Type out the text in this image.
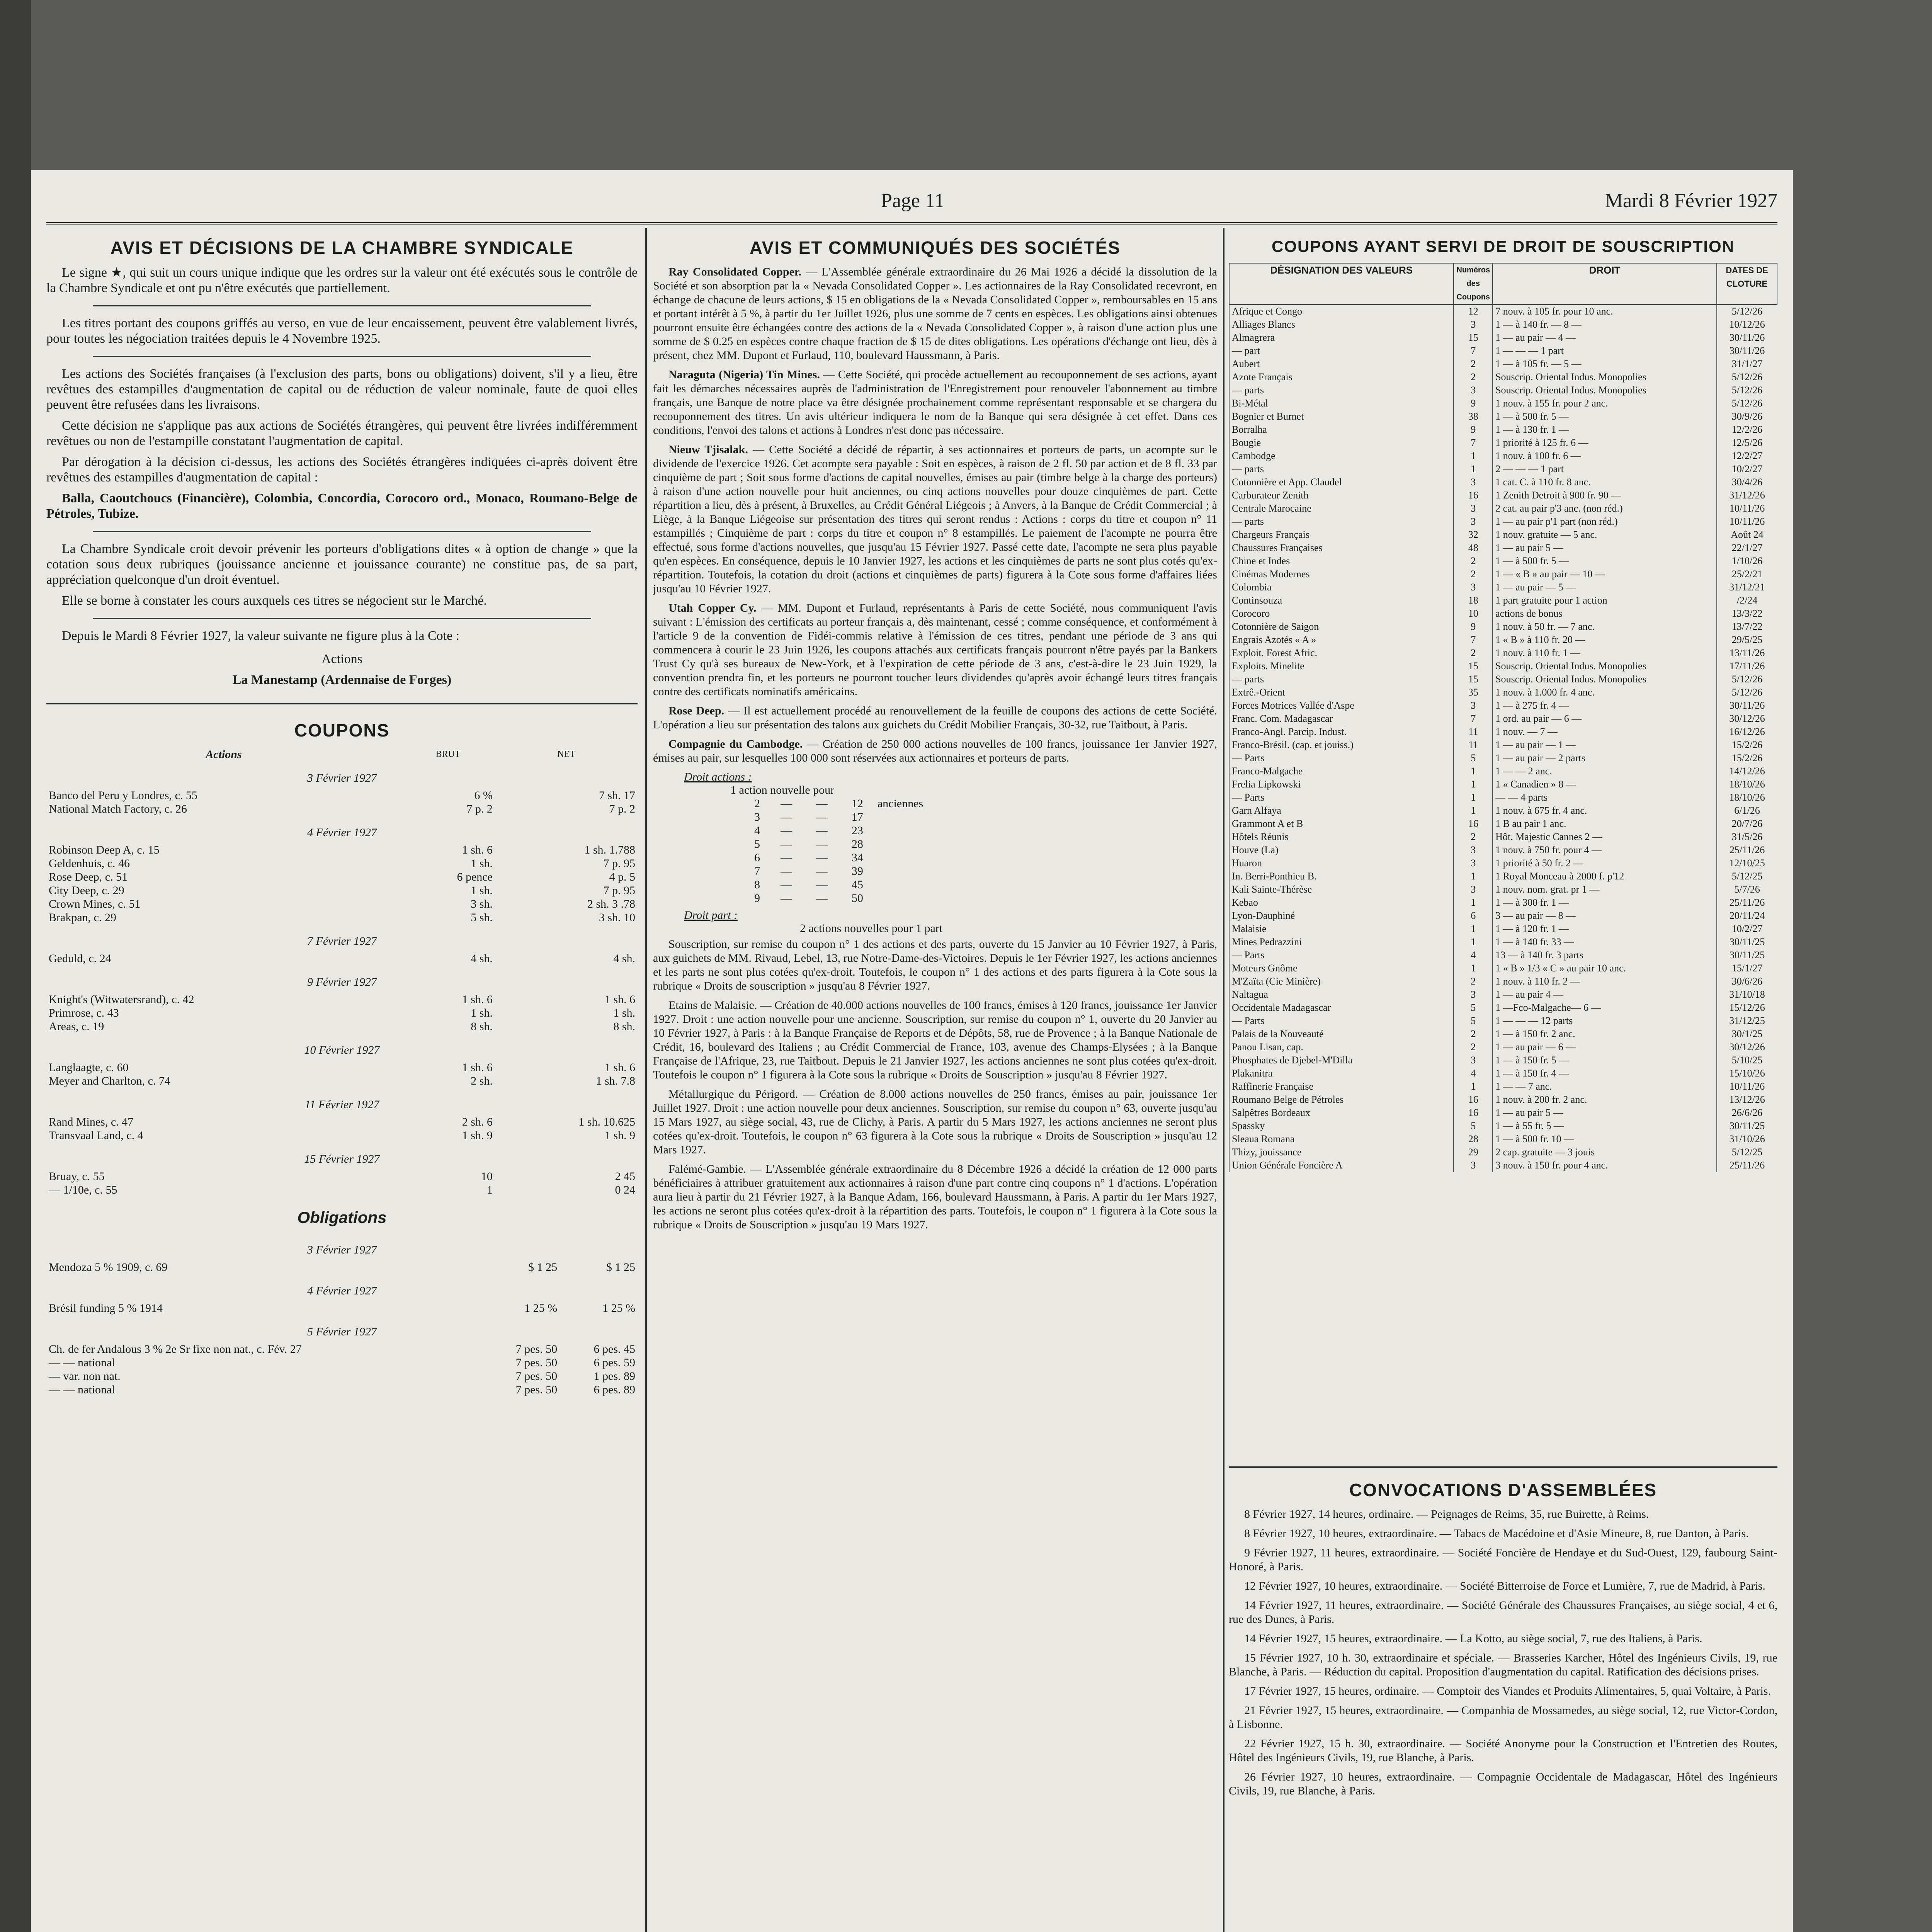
Page 11	Mardi 8 Février 1927
AVIS ET DÉCISIONS DE LA CHAMBRE SYNDICALE

Le signe ★, qui suit un cours unique indique que les ordres sur la valeur ont été exécutés sous le contrôle de la Chambre Syndicale et ont pu n'être exécutés que partiellement.

Les titres portant des coupons griffés au verso, en vue de leur encaissement, peuvent être valablement livrés, pour toutes les négociation traitées depuis le 4 Novembre 1925.

Les actions des Sociétés françaises (à l'exclusion des parts, bons ou obligations) doivent, s'il y a lieu, être revêtues des estampilles d'augmentation de capital ou de réduction de valeur nominale, faute de quoi elles peuvent être refusées dans les livraisons.

Cette décision ne s'applique pas aux actions de Sociétés étrangères, qui peuvent être livrées indifféremment revêtues ou non de l'estampille constatant l'augmentation de capital.

Par dérogation à la décision ci-dessus, les actions des Sociétés étrangères indiquées ci-après doivent être revêtues des estampilles d'augmentation de capital :

Balla, Caoutchoucs (Financière), Colombia, Concordia, Corocoro ord., Monaco, Roumano-Belge de Pétroles, Tubize.

La Chambre Syndicale croit devoir prévenir les porteurs d'obligations dites « à option de change » que la cotation sous deux rubriques (jouissance ancienne et jouissance courante) ne constitue pas, de sa part, appréciation quelconque d'un droit éventuel.

Elle se borne à constater les cours auxquels ces titres se négocient sur le Marché.

Depuis le Mardi 8 Février 1927, la valeur suivante ne figure plus à la Cote :

Actions

La Manestamp (Ardennaise de Forges)

COUPONS
Actions	BRUT	NET
3 Février 1927		
Banco del Peru y Londres, c. 55	6 %	7 sh. 17
National Match Factory, c. 26	7 p. 2	7 p. 2
4 Février 1927		
Robinson Deep A, c. 15	1 sh. 6	1 sh. 1.788
Geldenhuis, c. 46	1 sh.	7 p. 95
Rose Deep, c. 51	6 pence	4 p. 5
City Deep, c. 29	1 sh.	7 p. 95
Crown Mines, c. 51	3 sh.	2 sh. 3 .78
Brakpan, c. 29	5 sh.	3 sh. 10
7 Février 1927		
Geduld, c. 24	4 sh.	4 sh.
9 Février 1927		
Knight's (Witwatersrand), c. 42	1 sh. 6	1 sh. 6
Primrose, c. 43	1 sh.	1 sh.
Areas, c. 19	8 sh.	8 sh.
10 Février 1927		
Langlaagte, c. 60	1 sh. 6	1 sh. 6
Meyer and Charlton, c. 74	2 sh.	1 sh. 7.8
11 Février 1927		
Rand Mines, c. 47	2 sh. 6	1 sh. 10.625
Transvaal Land, c. 4	1 sh. 9	1 sh. 9
15 Février 1927		
Bruay, c. 55	10	2 45
— 1/10e, c. 55	1	0 24
Obligations
3 Février 1927		
Mendoza 5 % 1909, c. 69	$ 1 25	$ 1 25
4 Février 1927		
Brésil funding 5 % 1914	1 25 %	1 25 %
5 Février 1927		
Ch. de fer Andalous 3 % 2e Sr fixe non nat., c. Fév. 27	7 pes. 50	6 pes. 45
— — national	7 pes. 50	6 pes. 59
— var. non nat.	7 pes. 50	1 pes. 89
— — national	7 pes. 50	6 pes. 89
AVIS ET COMMUNIQUÉS DES SOCIÉTÉS

Ray Consolidated Copper. — L'Assemblée générale extraordinaire du 26 Mai 1926 a décidé la dissolution de la Société et son absorption par la « Nevada Consolidated Copper ». Les actionnaires de la Ray Consolidated recevront, en échange de chacune de leurs actions, $ 15 en obligations de la « Nevada Consolidated Copper », remboursables en 15 ans et portant intérêt à 5 %, à partir du 1er Juillet 1926, plus une somme de 7 cents en espèces. Les obligations ainsi obtenues pourront ensuite être échangées contre des actions de la « Nevada Consolidated Copper », à raison d'une action plus une somme de $ 0.25 en espèces contre chaque fraction de $ 15 de dites obligations. Les opérations d'échange ont lieu, dès à présent, chez MM. Dupont et Furlaud, 110, boulevard Haussmann, à Paris.

Naraguta (Nigeria) Tin Mines. — Cette Société, qui procède actuellement au recouponnement de ses actions, ayant fait les démarches nécessaires auprès de l'administration de l'Enregistrement pour renouveler l'abonnement au timbre français, une Banque de notre place va être désignée prochainement comme représentant responsable et se chargera du recouponnement des titres. Un avis ultérieur indiquera le nom de la Banque qui sera désignée à cet effet. Dans ces conditions, l'envoi des talons et actions à Londres n'est donc pas nécessaire.

Nieuw Tjisalak. — Cette Société a décidé de répartir, à ses actionnaires et porteurs de parts, un acompte sur le dividende de l'exercice 1926. Cet acompte sera payable : Soit en espèces, à raison de 2 fl. 50 par action et de 8 fl. 33 par cinquième de part ; Soit sous forme d'actions de capital nouvelles, émises au pair (timbre belge à la charge des porteurs) à raison d'une action nouvelle pour huit anciennes, ou cinq actions nouvelles pour douze cinquièmes de part. Cette répartition a lieu, dès à présent, à Bruxelles, au Crédit Général Liégeois ; à Anvers, à la Banque de Crédit Commercial ; à Liège, à la Banque Liégeoise sur présentation des titres qui seront rendus : Actions : corps du titre et coupon n° 11 estampillés ; Cinquième de part : corps du titre et coupon n° 8 estampillés. Le paiement de l'acompte ne pourra être effectué, sous forme d'actions nouvelles, que jusqu'au 15 Février 1927. Passé cette date, l'acompte ne sera plus payable qu'en espèces. En conséquence, depuis le 10 Janvier 1927, les actions et les cinquièmes de parts ne sont plus cotés qu'ex-répartition. Toutefois, la cotation du droit (actions et cinquièmes de parts) figurera à la Cote sous forme d'affaires liées jusqu'au 10 Février 1927.

Utah Copper Cy. — MM. Dupont et Furlaud, représentants à Paris de cette Société, nous communiquent l'avis suivant : L'émission des certificats au porteur français a, dès maintenant, cessé ; comme conséquence, et conformément à l'article 9 de la convention de Fidéi-commis relative à l'émission de ces titres, pendant une période de 3 ans qui commencera à courir le 23 Juin 1926, les coupons attachés aux certificats français pourront n'être payés par la Bankers Trust Cy qu'à ses bureaux de New-York, et à l'expiration de cette période de 3 ans, c'est-à-dire le 23 Juin 1929, la convention prendra fin, et les porteurs ne pourront toucher leurs dividendes qu'après avoir échangé leurs titres français contre des certificats nominatifs américains.

Rose Deep. — Il est actuellement procédé au renouvellement de la feuille de coupons des actions de cette Société. L'opération a lieu sur présentation des talons aux guichets du Crédit Mobilier Français, 30-32, rue Taitbout, à Paris.

Compagnie du Cambodge. — Création de 250 000 actions nouvelles de 100 francs, jouissance 1er Janvier 1927, émises au pair, sur lesquelles 100 000 sont réservées aux actionnaires et porteurs de parts.

Droit actions :
1 action nouvelle pour
2	—	—	12	anciennes
3	—	—	17	
4	—	—	23	
5	—	—	28	
6	—	—	34	
7	—	—	39	
8	—	—	45	
9	—	—	50	
Droit part :
2 actions nouvelles pour 1 part

Souscription, sur remise du coupon n° 1 des actions et des parts, ouverte du 15 Janvier au 10 Février 1927, à Paris, aux guichets de MM. Rivaud, Lebel, 13, rue Notre-Dame-des-Victoires. Depuis le 1er Février 1927, les actions anciennes et les parts ne sont plus cotées qu'ex-droit. Toutefois, le coupon n° 1 des actions et des parts figurera à la Cote sous la rubrique « Droits de souscription » jusqu'au 8 Février 1927.

Etains de Malaisie. — Création de 40.000 actions nouvelles de 100 francs, émises à 120 francs, jouissance 1er Janvier 1927. Droit : une action nouvelle pour une ancienne. Souscription, sur remise du coupon n° 1, ouverte du 20 Janvier au 10 Février 1927, à Paris : à la Banque Française de Reports et de Dépôts, 58, rue de Provence ; à la Banque Nationale de Crédit, 16, boulevard des Italiens ; au Crédit Commercial de France, 103, avenue des Champs-Elysées ; à la Banque Française de l'Afrique, 23, rue Taitbout. Depuis le 21 Janvier 1927, les actions anciennes ne sont plus cotées qu'ex-droit. Toutefois le coupon n° 1 figurera à la Cote sous la rubrique « Droits de Souscription » jusqu'au 8 Février 1927.

Métallurgique du Périgord. — Création de 8.000 actions nouvelles de 250 francs, émises au pair, jouissance 1er Juillet 1927. Droit : une action nouvelle pour deux anciennes. Souscription, sur remise du coupon n° 63, ouverte jusqu'au 15 Mars 1927, au siège social, 43, rue de Clichy, à Paris. A partir du 5 Mars 1927, les actions anciennes ne seront plus cotées qu'ex-droit. Toutefois, le coupon n° 63 figurera à la Cote sous la rubrique « Droits de Souscription » jusqu'au 12 Mars 1927.

Falémé-Gambie. — L'Assemblée générale extraordinaire du 8 Décembre 1926 a décidé la création de 12 000 parts bénéficiaires à attribuer gratuitement aux actionnaires à raison d'une part contre cinq coupons n° 1 d'actions. L'opération aura lieu à partir du 21 Février 1927, à la Banque Adam, 166, boulevard Haussmann, à Paris. A partir du 1er Mars 1927, les actions ne seront plus cotées qu'ex-droit à la répartition des parts. Toutefois, le coupon n° 1 figurera à la Cote sous la rubrique « Droits de Souscription » jusqu'au 19 Mars 1927.

COUPONS AYANT SERVI DE DROIT DE SOUSCRIPTION
DÉSIGNATION DES VALEURS	Numéros des Coupons	DROIT	DATES DE CLOTURE
Afrique et Congo	12	7 nouv. à 105 fr. pour 10 anc.	5/12/26
Alliages Blancs	3	1 — à 140 fr. — 8 —	10/12/26
Almagrera	15	1 — au pair — 4 —	30/11/26
— part	7	1 — — — 1 part	30/11/26
Aubert	2	1 — à 105 fr. — 5 —	31/1/27
Azote Français	2	Souscrip. Oriental Indus. Monopolies	5/12/26
— parts	3	Souscrip. Oriental Indus. Monopolies	5/12/26
Bi-Métal	9	1 nouv. à 155 fr. pour 2 anc.	5/12/26
Bognier et Burnet	38	1 — à 500 fr. 5 —	30/9/26
Borralha	9	1 — à 130 fr. 1 —	12/2/26
Bougie	7	1 priorité à 125 fr. 6 —	12/5/26
Cambodge	1	1 nouv. à 100 fr. 6 —	12/2/27
— parts	1	2 — — — 1 part	10/2/27
Cotonnière et App. Claudel	3	1 cat. C. à 110 fr. 8 anc.	30/4/26
Carburateur Zenith	16	1 Zenith Detroit à 900 fr. 90 —	31/12/26
Centrale Marocaine	3	2 cat. au pair p'3 anc. (non réd.)	10/11/26
— parts	3	1 — au pair p'1 part (non réd.)	10/11/26
Chargeurs Français	32	1 nouv. gratuite — 5 anc.	Août 24
Chaussures Françaises	48	1 — au pair 5 —	22/1/27
Chine et Indes	2	1 — à 500 fr. 5 —	1/10/26
Cinémas Modernes	2	1 — « B » au pair — 10 —	25/2/21
Colombia	3	1 — au pair — 5 —	31/12/21
Continsouza	18	1 part gratuite pour 1 action	/2/24
Corocoro	10	actions de bonus	13/3/22
Cotonnière de Saigon	9	1 nouv. à 50 fr. — 7 anc.	13/7/22
Engrais Azotés « A »	7	1 « B » à 110 fr. 20 —	29/5/25
Exploit. Forest Afric.	2	1 nouv. à 110 fr. 1 —	13/11/26
Exploits. Minelite	15	Souscrip. Oriental Indus. Monopolies	17/11/26
— parts	15	Souscrip. Oriental Indus. Monopolies	5/12/26
Extrê.-Orient	35	1 nouv. à 1.000 fr. 4 anc.	5/12/26
Forces Motrices Vallée d'Aspe	3	1 — à 275 fr. 4 —	30/11/26
Franc. Com. Madagascar	7	1 ord. au pair — 6 —	30/12/26
Franco-Angl. Parcip. Indust.	11	1 nouv. — 7 —	16/12/26
Franco-Brésil. (cap. et jouiss.)	11	1 — au pair — 1 —	15/2/26
— Parts	5	1 — au pair — 2 parts	15/2/26
Franco-Malgache	1	1 — — 2 anc.	14/12/26
Frelia Lipkowski	1	1 « Canadien » 8 —	18/10/26
— Parts	1	— — 4 parts	18/10/26
Garn Alfaya	1	1 nouv. à 675 fr. 4 anc.	6/1/26
Grammont A et B	16	1 B au pair 1 anc.	20/7/26
Hôtels Réunis	2	Hôt. Majestic Cannes 2 —	31/5/26
Houve (La)	3	1 nouv. à 750 fr. pour 4 —	25/11/26
Huaron	3	1 priorité à 50 fr. 2 —	12/10/25
In. Berri-Ponthieu B.	1	1 Royal Monceau à 2000 f. p'12	5/12/25
Kali Sainte-Thérèse	3	1 nouv. nom. grat. pr 1 —	5/7/26
Kebao	1	1 — à 300 fr. 1 —	25/11/26
Lyon-Dauphiné	6	3 — au pair — 8 —	20/11/24
Malaisie	1	1 — à 120 fr. 1 —	10/2/27
Mines Pedrazzini	1	1 — à 140 fr. 33 —	30/11/25
— Parts	4	13 — à 140 fr. 3 parts	30/11/25
Moteurs Gnôme	1	1 « B » 1/3 « C » au pair 10 anc.	15/1/27
M'Zaïta (Cie Minière)	2	1 nouv. à 110 fr. 2 —	30/6/26
Naltagua	3	1 — au pair 4 —	31/10/18
Occidentale Madagascar	5	1 —Fco-Malgache— 6 —	15/12/26
— Parts	5	1 — — — 12 parts	31/12/25
Palais de la Nouveauté	2	1 — à 150 fr. 2 anc.	30/1/25
Panou Lisan, cap.	2	1 — au pair — 6 —	30/12/26
Phosphates de Djebel-M'Dilla	3	1 — à 150 fr. 5 —	5/10/25
Plakanitra	4	1 — à 150 fr. 4 —	15/10/26
Raffinerie Française	1	1 — — 7 anc.	10/11/26
Roumano Belge de Pétroles	16	1 nouv. à 200 fr. 2 anc.	13/12/26
Salpêtres Bordeaux	16	1 — au pair 5 —	26/6/26
Spassky	5	1 — à 55 fr. 5 —	30/11/25
Sleaua Romana	28	1 — à 500 fr. 10 —	31/10/26
Thizy, jouissance	29	2 cap. gratuite — 3 jouis	5/12/25
Union Générale Foncière A	3	3 nouv. à 150 fr. pour 4 anc.	25/11/26
CONVOCATIONS D'ASSEMBLÉES

8 Février 1927, 14 heures, ordinaire. — Peignages de Reims, 35, rue Buirette, à Reims.

8 Février 1927, 10 heures, extraordinaire. — Tabacs de Macédoine et d'Asie Mineure, 8, rue Danton, à Paris.

9 Février 1927, 11 heures, extraordinaire. — Société Foncière de Hendaye et du Sud-Ouest, 129, faubourg Saint-Honoré, à Paris.

12 Février 1927, 10 heures, extraordinaire. — Société Bitterroise de Force et Lumière, 7, rue de Madrid, à Paris.

14 Février 1927, 11 heures, extraordinaire. — Société Générale des Chaussures Françaises, au siège social, 4 et 6, rue des Dunes, à Paris.

14 Février 1927, 15 heures, extraordinaire. — La Kotto, au siège social, 7, rue des Italiens, à Paris.

15 Février 1927, 10 h. 30, extraordinaire et spéciale. — Brasseries Karcher, Hôtel des Ingénieurs Civils, 19, rue Blanche, à Paris. — Réduction du capital. Proposition d'augmentation du capital. Ratification des décisions prises.

17 Février 1927, 15 heures, ordinaire. — Comptoir des Viandes et Produits Alimentaires, 5, quai Voltaire, à Paris.

21 Février 1927, 15 heures, extraordinaire. — Companhia de Mossamedes, au siège social, 12, rue Victor-Cordon, à Lisbonne.

22 Février 1927, 15 h. 30, extraordinaire. — Société Anonyme pour la Construction et l'Entretien des Routes, Hôtel des Ingénieurs Civils, 19, rue Blanche, à Paris.

26 Février 1927, 10 heures, extraordinaire. — Compagnie Occidentale de Madagascar, Hôtel des Ingénieurs Civils, 19, rue Blanche, à Paris.
